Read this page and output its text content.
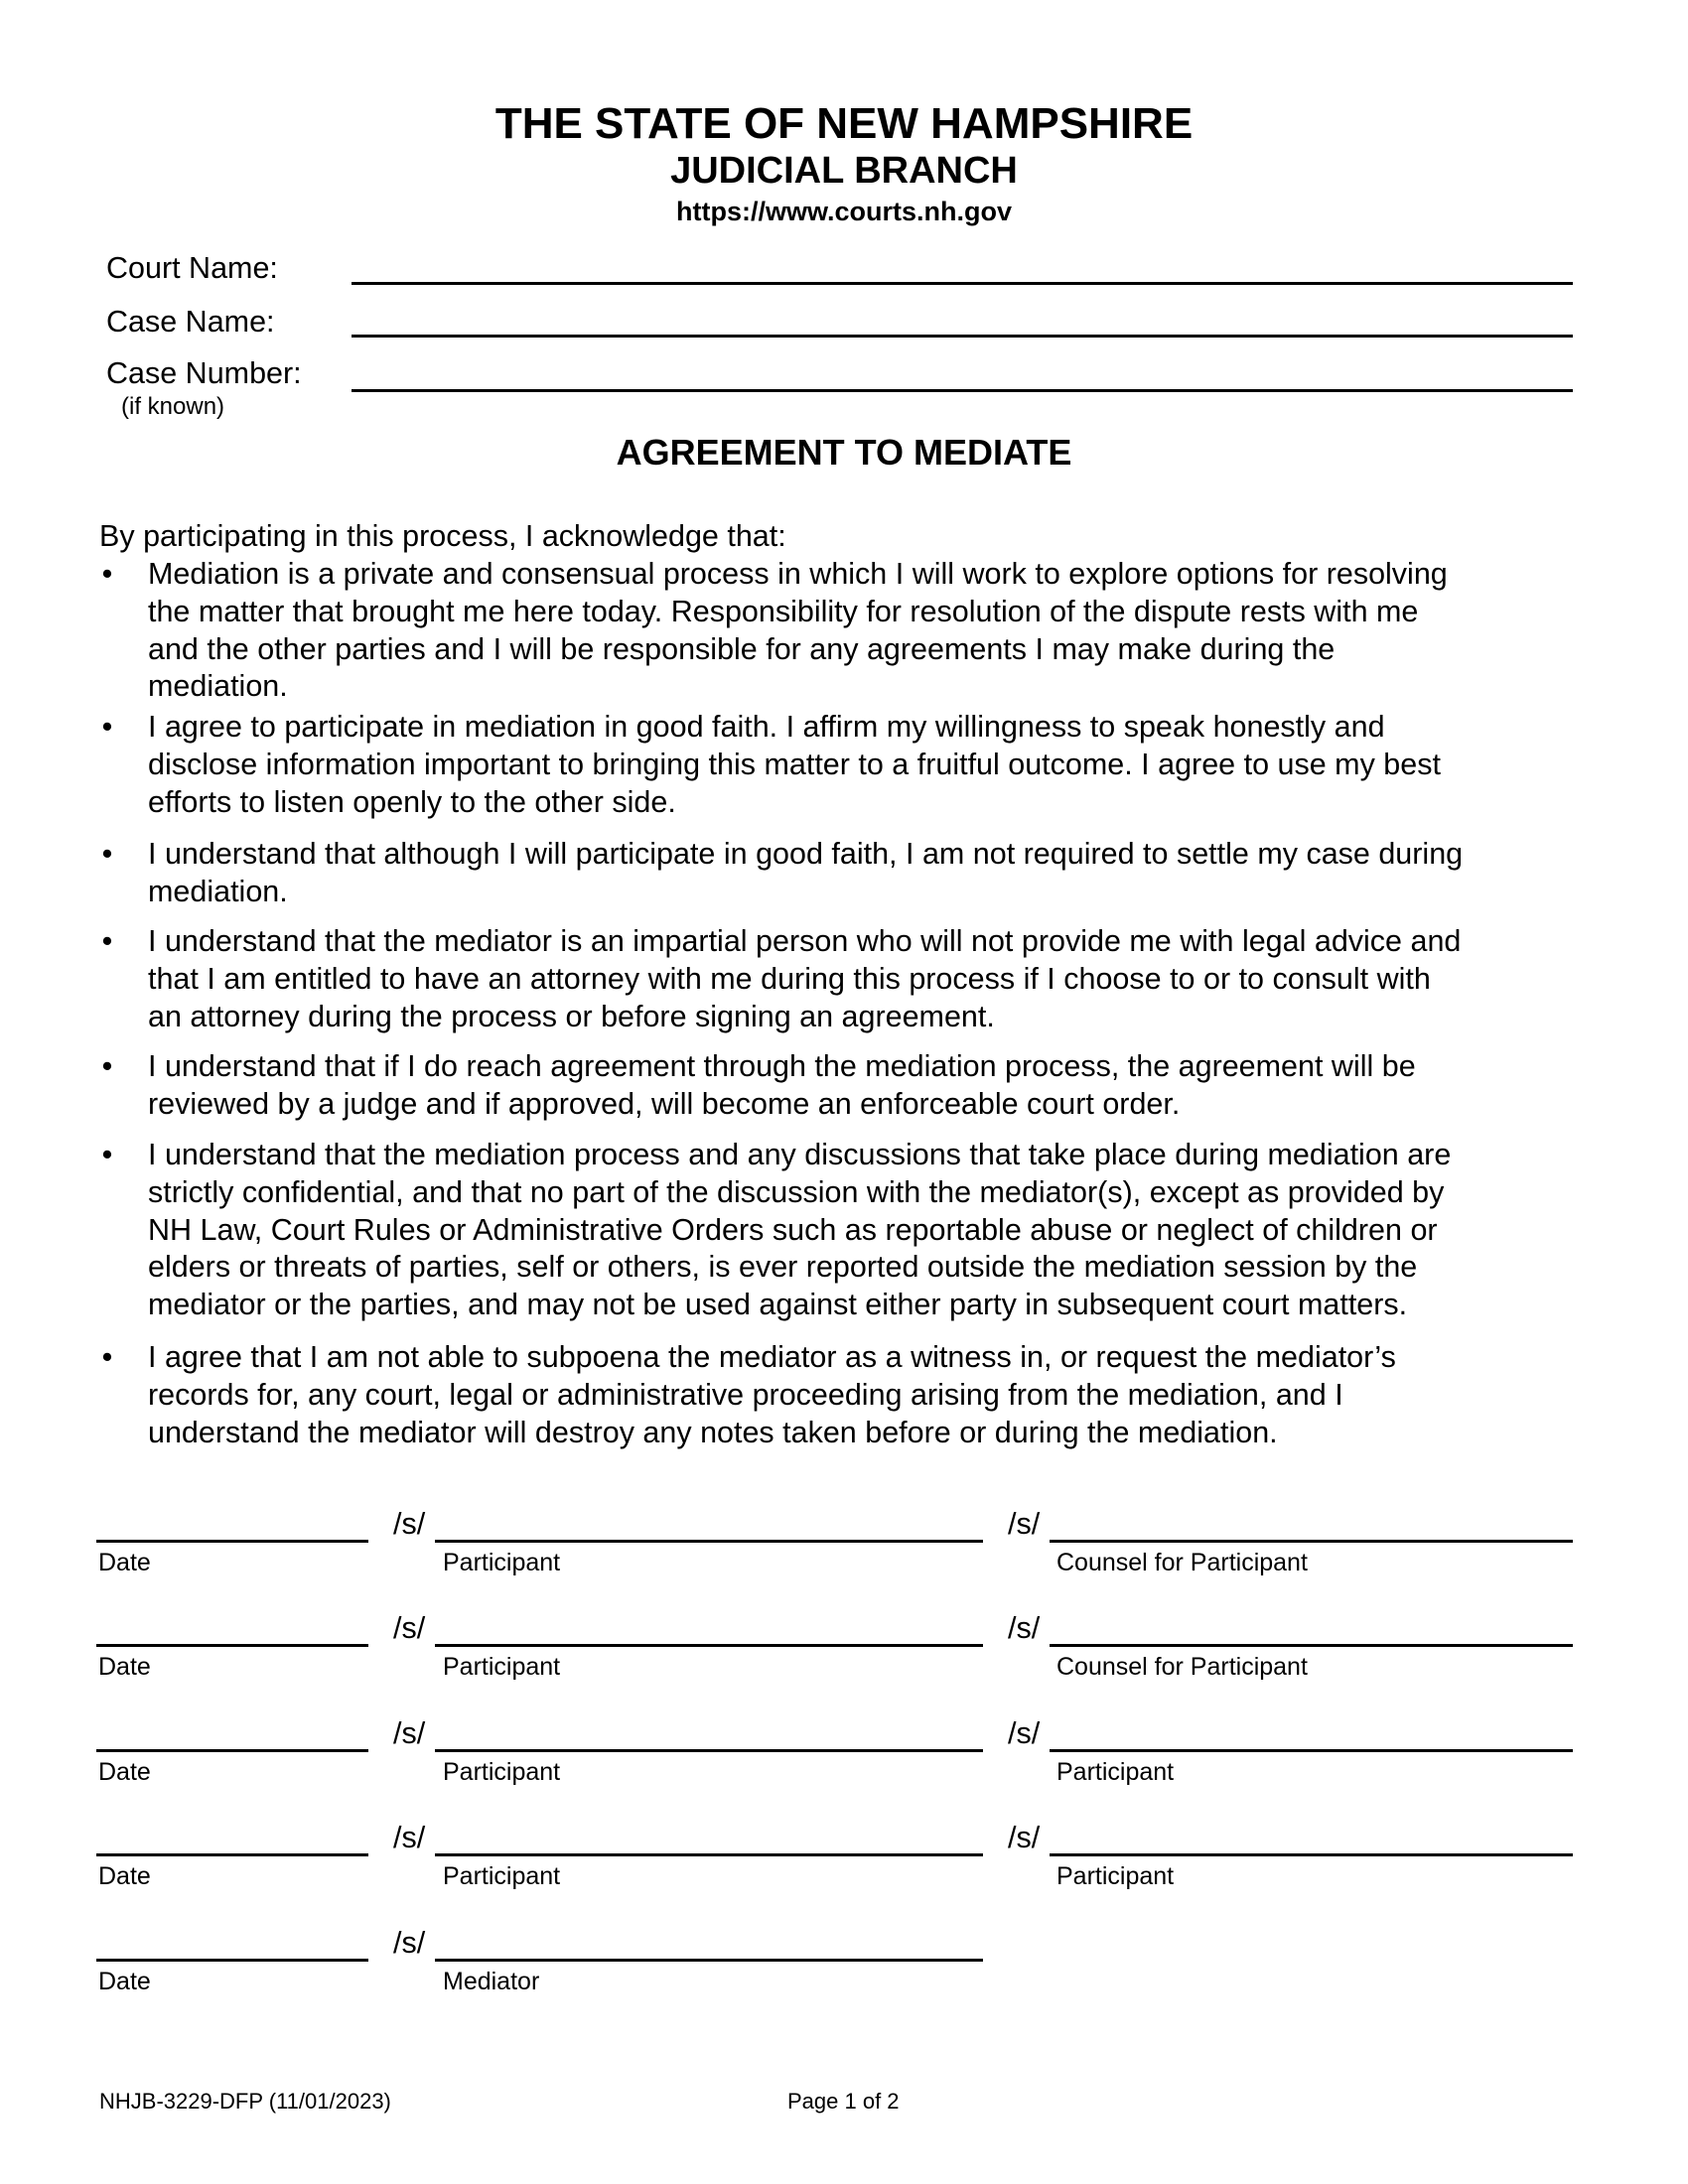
THE STATE OF NEW HAMPSHIRE
JUDICIAL BRANCH
https://www.courts.nh.gov
Court Name:
Case Name:
Case Number:
(if known)
AGREEMENT TO MEDIATE
By participating in this process, I acknowledge that:
• Mediation is a private and consensual process in which I will work to explore options for resolving
the matter that brought me here today. Responsibility for resolution of the dispute rests with me
and the other parties and I will be responsible for any agreements I may make during the
mediation.
• I agree to participate in mediation in good faith. I affirm my willingness to speak honestly and
disclose information important to bringing this matter to a fruitful outcome. I agree to use my best
efforts to listen openly to the other side.
• I understand that although I will participate in good faith, I am not required to settle my case during
mediation.
• I understand that the mediator is an impartial person who will not provide me with legal advice and
that I am entitled to have an attorney with me during this process if I choose to or to consult with
an attorney during the process or before signing an agreement.
• I understand that if I do reach agreement through the mediation process, the agreement will be
reviewed by a judge and if approved, will become an enforceable court order.
• I understand that the mediation process and any discussions that take place during mediation are
strictly confidential, and that no part of the discussion with the mediator(s), except as provided by
NH Law, Court Rules or Administrative Orders such as reportable abuse or neglect of children or
elders or threats of parties, self or others, is ever reported outside the mediation session by the
mediator or the parties, and may not be used against either party in subsequent court matters.
• I agree that I am not able to subpoena the mediator as a witness in, or request the mediator’s
records for, any court, legal or administrative proceeding arising from the mediation, and I
understand the mediator will destroy any notes taken before or during the mediation.
Date
/s/
Participant
/s/
Counsel for Participant
Date
/s/
Participant
/s/
Counsel for Participant
Date
/s/
Participant
/s/
Participant
Date
/s/
Participant
/s/
Participant
Date
/s/
Mediator
NHJB-3229-DFP (11/01/2023)	Page 1 of 2
